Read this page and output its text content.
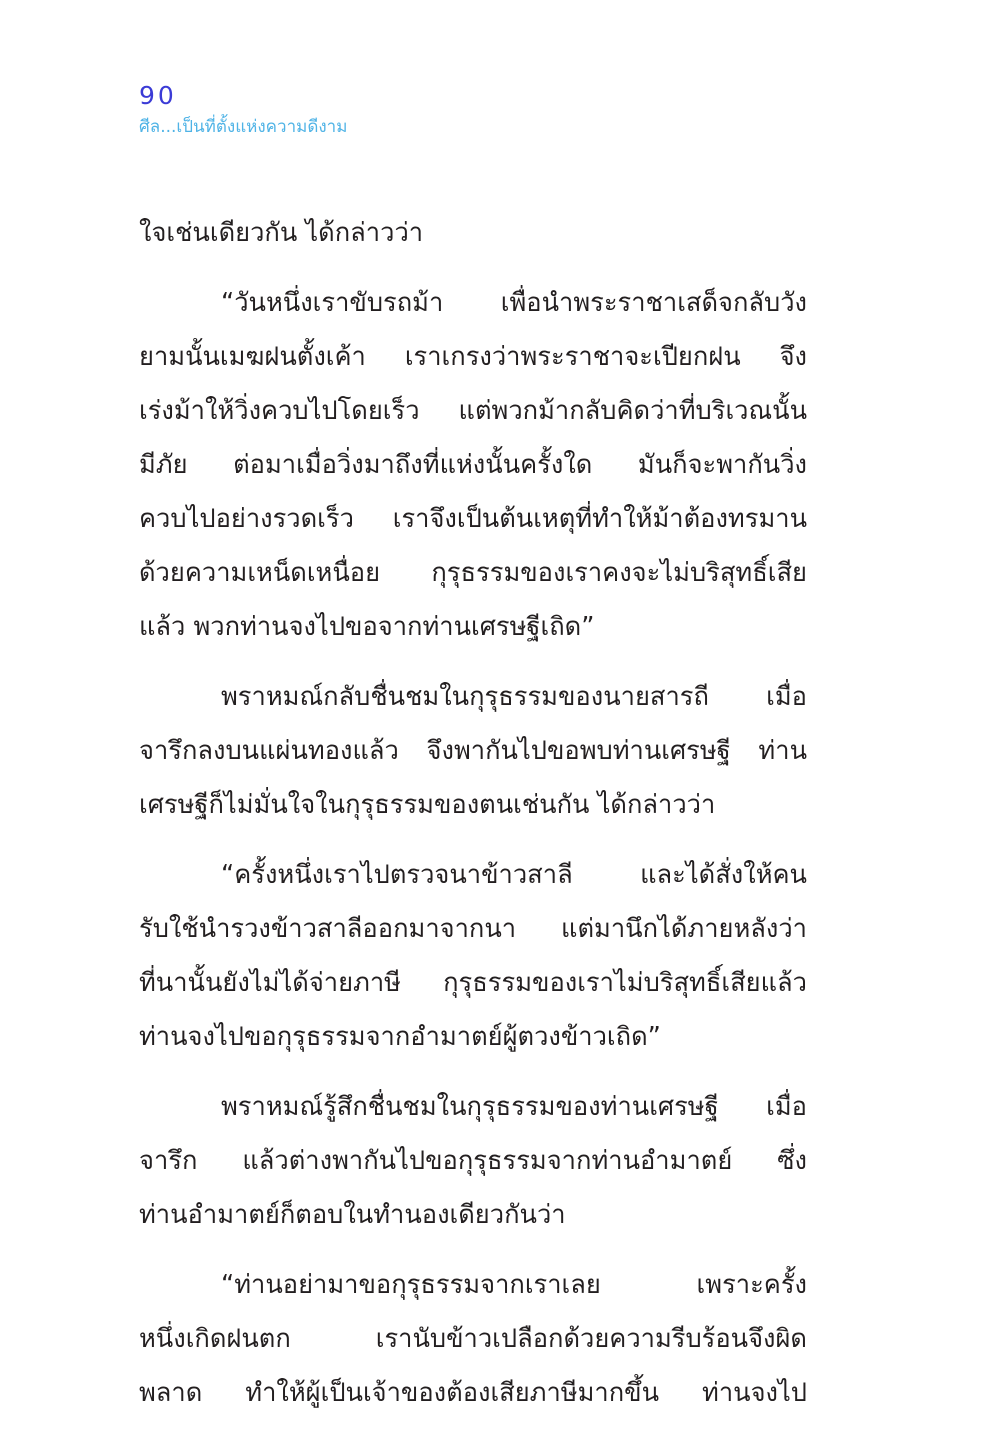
90
ศีล...เป็นที่ตั้งแห่งความดีงาม
ใจเช่นเดียวกัน ได้กล่าวว่า
“วันหนึ่งเราขับรถม้า เพื่อนำพระราชาเสด็จกลับวัง
ยามนั้นเมฆฝนตั้งเค้า เราเกรงว่าพระราชาจะเปียกฝน จึง
เร่งม้าให้วิ่งควบไปโดยเร็ว แต่พวกม้ากลับคิดว่าที่บริเวณนั้น
มีภัย ต่อมาเมื่อวิ่งมาถึงที่แห่งนั้นครั้งใด มันก็จะพากันวิ่ง
ควบไปอย่างรวดเร็ว เราจึงเป็นต้นเหตุที่ทำให้ม้าต้องทรมาน
ด้วยความเหน็ดเหนื่อย กุรุธรรมของเราคงจะไม่บริสุทธิ์เสีย
แล้ว พวกท่านจงไปขอจากท่านเศรษฐีเถิด”
พราหมณ์กลับชื่นชมในกุรุธรรมของนายสารถี เมื่อ
จารึกลงบนแผ่นทองแล้ว จึงพากันไปขอพบท่านเศรษฐี ท่าน
เศรษฐีก็ไม่มั่นใจในกุรุธรรมของตนเช่นกัน ได้กล่าวว่า
“ครั้งหนึ่งเราไปตรวจนาข้าวสาลี และได้สั่งให้คน
รับใช้นำรวงข้าวสาลีออกมาจากนา แต่มานึกได้ภายหลังว่า
ที่นานั้นยังไม่ได้จ่ายภาษี กุรุธรรมของเราไม่บริสุทธิ์เสียแล้ว
ท่านจงไปขอกุรุธรรมจากอำมาตย์ผู้ตวงข้าวเถิด”
พราหมณ์รู้สึกชื่นชมในกุรุธรรมของท่านเศรษฐี เมื่อ
จารึก แล้วต่างพากันไปขอกุรุธรรมจากท่านอำมาตย์ ซึ่ง
ท่านอำมาตย์ก็ตอบในทำนองเดียวกันว่า
“ท่านอย่ามาขอกุรุธรรมจากเราเลย เพราะครั้ง
หนึ่งเกิดฝนตก เรานับข้าวเปลือกด้วยความรีบร้อนจึงผิด
พลาด ทำให้ผู้เป็นเจ้าของต้องเสียภาษีมากขึ้น ท่านจงไป
